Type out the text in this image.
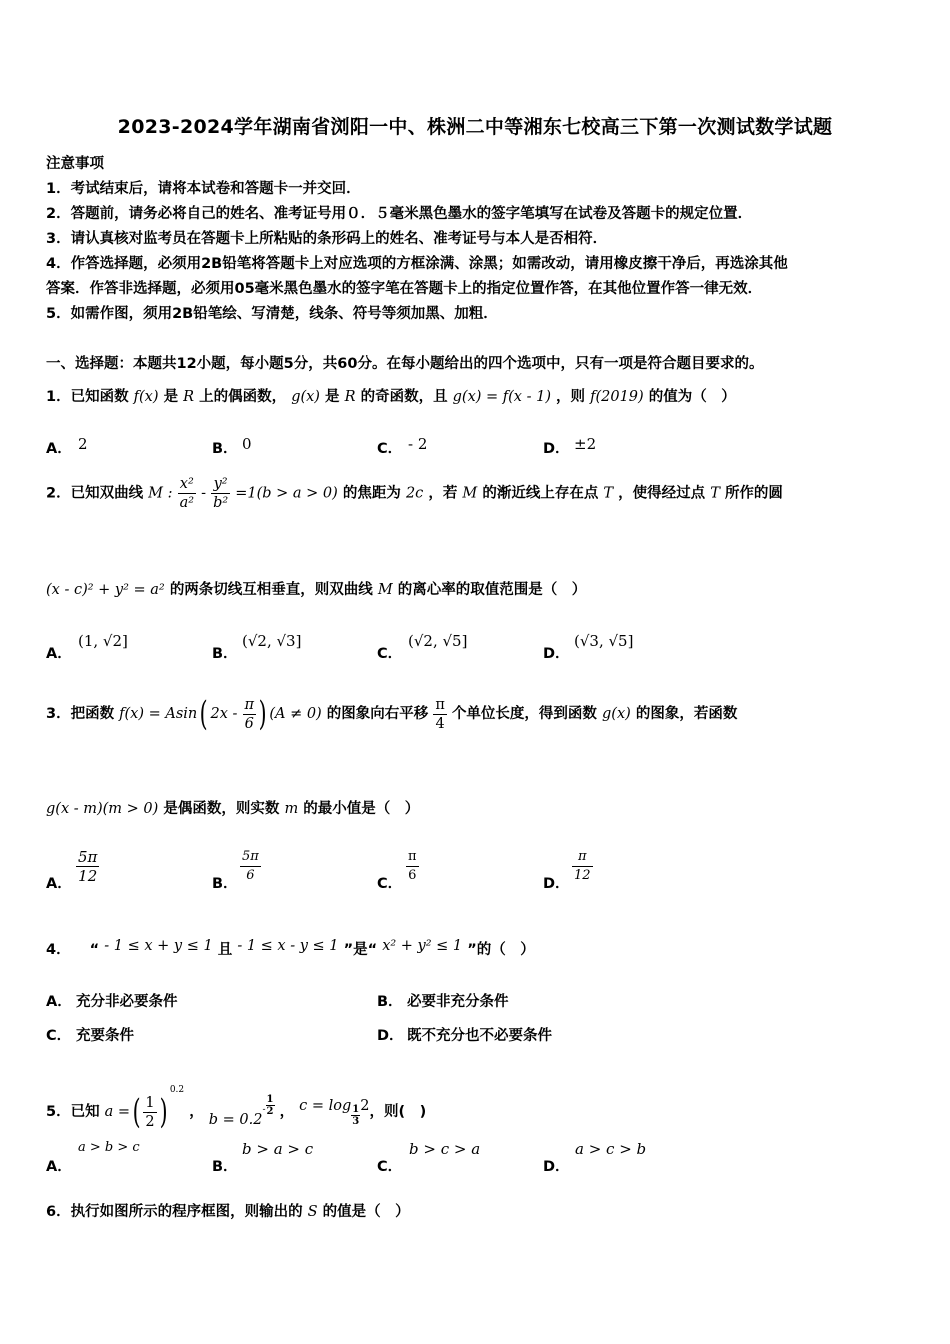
2023-2024学年湖南省浏阳一中、株洲二中等湘东七校高三下第一次测试数学试题
注意事项
1．考试结束后，请将本试卷和答题卡一并交回．
2．答题前，请务必将自己的姓名、准考证号用０．５毫米黑色墨水的签字笔填写在试卷及答题卡的规定位置．
3．请认真核对监考员在答题卡上所粘贴的条形码上的姓名、准考证号与本人是否相符．
4．作答选择题，必须用2B铅笔将答题卡上对应选项的方框涂满、涂黑；如需改动，请用橡皮擦干净后，再选涂其他
答案．作答非选择题，必须用05毫米黑色墨水的签字笔在答题卡上的指定位置作答，在其他位置作答一律无效．
5．如需作图，须用2B铅笔绘、写清楚，线条、符号等须加黑、加粗．
一、选择题：本题共12小题，每小题5分，共60分。在每小题给出的四个选项中，只有一项是符合题目要求的。
1．已知函数 f(x) 是 R 上的偶函数， g(x) 是 R 的奇函数，且 g(x) = f(x - 1) ，则 f(2019) 的值为（　）
A． 2	B． 0	C． - 2	D． ±2
2．已知双曲线 M : $\frac{\text{x²}}{\text{a²}} - \frac{\text{y²}}{\text{b²}} =1(b > a > 0)$ 的焦距为 2c ，若 M 的渐近线上存在点 T ，使得经过点 T 所作的圆
(x - c)² + y² = a² 的两条切线互相垂直，则双曲线 M 的离心率的取值范围是（　）
A．
(1, √2]
B．
(√2, √3]
C．
(√2, √5]
D．
(√3, √5]
3．把函数 f(x) = Asin( $2x - \frac{\pi}{6}$ ) (A ≠ 0) 的图象向右平移 $\frac{\pi}{4}$ 个单位长度，得到函数 g(x) 的图象，若函数
g(x - m)(m > 0) 是偶函数，则实数 m 的最小值是（　）
A． $\frac{5\pi}{12}$	B． $\frac{5\pi}{6}$	C． $\frac{\pi}{6}$	D． $\frac{\pi}{12}$
4． “ - 1 ≤ x + y ≤ 1 且 - 1 ≤ x - y ≤ 1 ”是“ x² + y² ≤ 1 ”的（　）
A． 充分非必要条件	B． 必要非充分条件
C． 充要条件	D． 既不充分也不必要条件
5．已知 a =( $\frac{1}{2} )^{0.2}$ ， $b = 0.2^- \frac{1}{2}$ ， $c = \log \frac{1}{3} 2$，则(　)
A．
a > b > c
B．
b > a > c
C．
b > c > a
D．
a > c > b
6．执行如图所示的程序框图，则输出的 S 的值是（　）
